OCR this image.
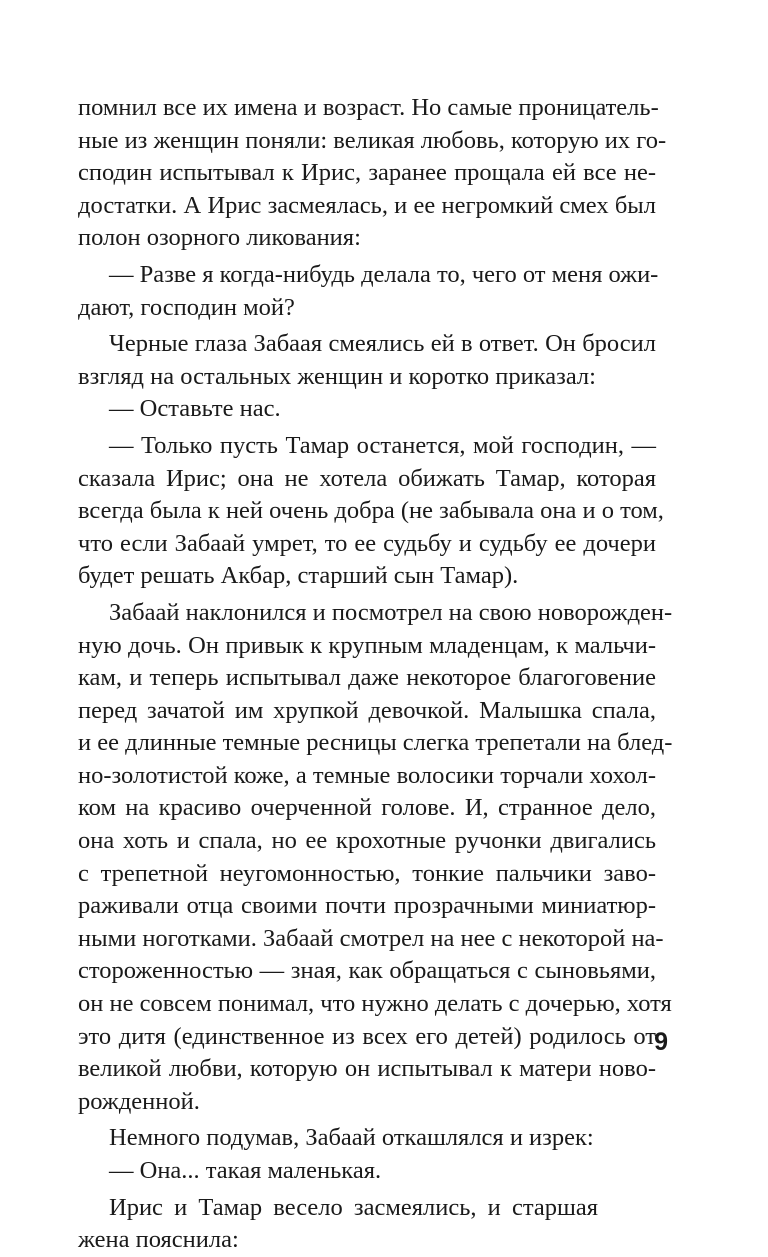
помнил все их имена и возраст. Но самые проницатель-
ные из женщин поняли: великая любовь, которую их го-
сподин испытывал к Ирис, заранее прощала ей все не-
достатки. А Ирис засмеялась, и ее негромкий смех был
полон озорного ликования:
— Разве я когда-нибудь делала то, чего от меня ожи-
дают, господин мой?
Черные глаза Забаая смеялись ей в ответ. Он бросил
взгляд на остальных женщин и коротко приказал:
— Оставьте нас.
— Только пусть Тамар останется, мой господин, —
сказала Ирис; она не хотела обижать Тамар, которая
всегда была к ней очень добра (не забывала она и о том,
что если Забаай умрет, то ее судьбу и судьбу ее дочери
будет решать Акбар, старший сын Тамар).
Забаай наклонился и посмотрел на свою новорожден-
ную дочь. Он привык к крупным младенцам, к мальчи-
кам, и теперь испытывал даже некоторое благоговение
перед зачатой им хрупкой девочкой. Малышка спала,
и ее длинные темные ресницы слегка трепетали на блед-
но-золотистой коже, а темные волосики торчали хохол-
ком на красиво очерченной голове. И, странное дело,
она хоть и спала, но ее крохотные ручонки двигались
с трепетной неугомонностью, тонкие пальчики заво-
раживали отца своими почти прозрачными миниатюр-
ными ноготками. Забаай смотрел на нее с некоторой на-
стороженностью — зная, как обращаться с сыновьями,
он не совсем понимал, что нужно делать с дочерью, хотя
это дитя (единственное из всех его детей) родилось от
великой любви, которую он испытывал к матери ново-
рожденной.
Немного подумав, Забаай откашлялся и изрек:
— Она... такая маленькая.
Ирис и Тамар весело засмеялись, и старшая
жена пояснила:
9
